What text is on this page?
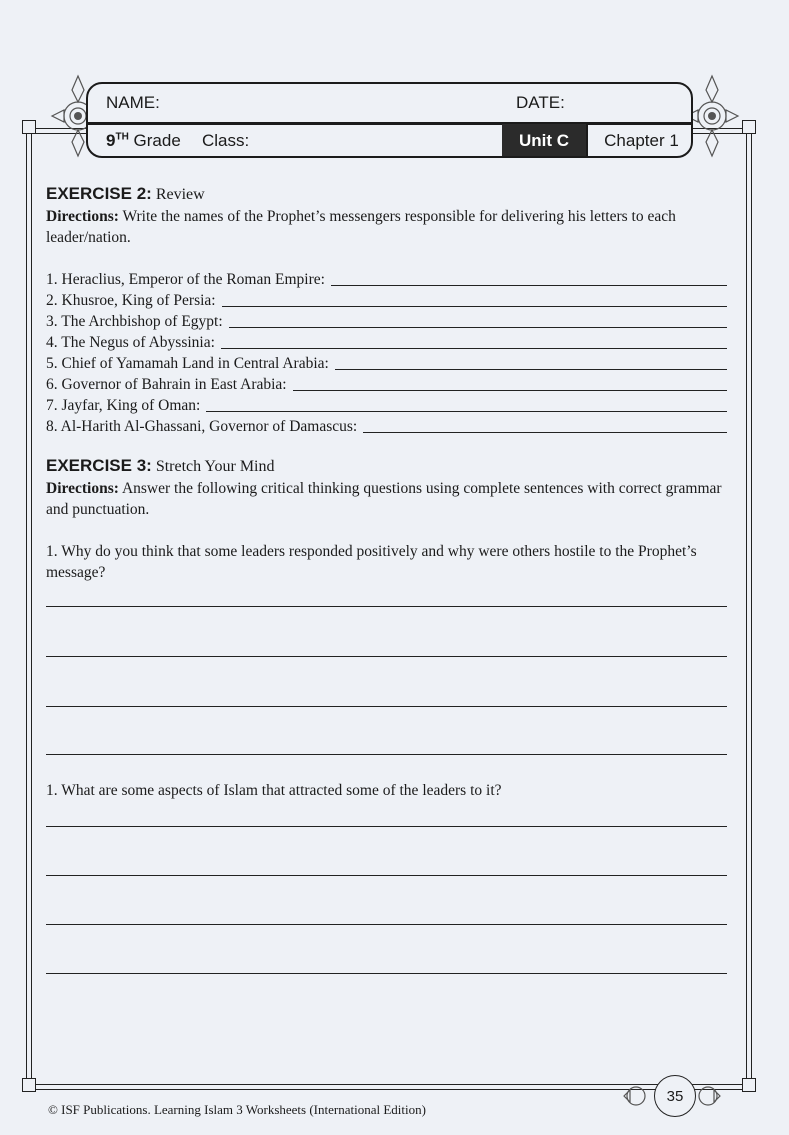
NAME:	DATE:
9TH Grade Class:	Unit C	Chapter 1
EXERCISE 2: Review
Directions: Write the names of the Prophet’s messengers responsible for delivering his letters to each leader/nation.
1. Heraclius, Emperor of the Roman Empire:
2. Khusroe, King of Persia:
3. The Archbishop of Egypt:
4. The Negus of Abyssinia:
5. Chief of Yamamah Land in Central Arabia:
6. Governor of Bahrain in East Arabia:
7. Jayfar, King of Oman:
8. Al-Harith Al-Ghassani, Governor of Damascus:
EXERCISE 3: Stretch Your Mind
Directions: Answer the following critical thinking questions using complete sentences with correct grammar and punctuation.
1. Why do you think that some leaders responded positively and why were others hostile to the Prophet’s message?
1. What are some aspects of Islam that attracted some of the leaders to it?
35
© ISF Publications. Learning Islam 3 Worksheets (International Edition)
